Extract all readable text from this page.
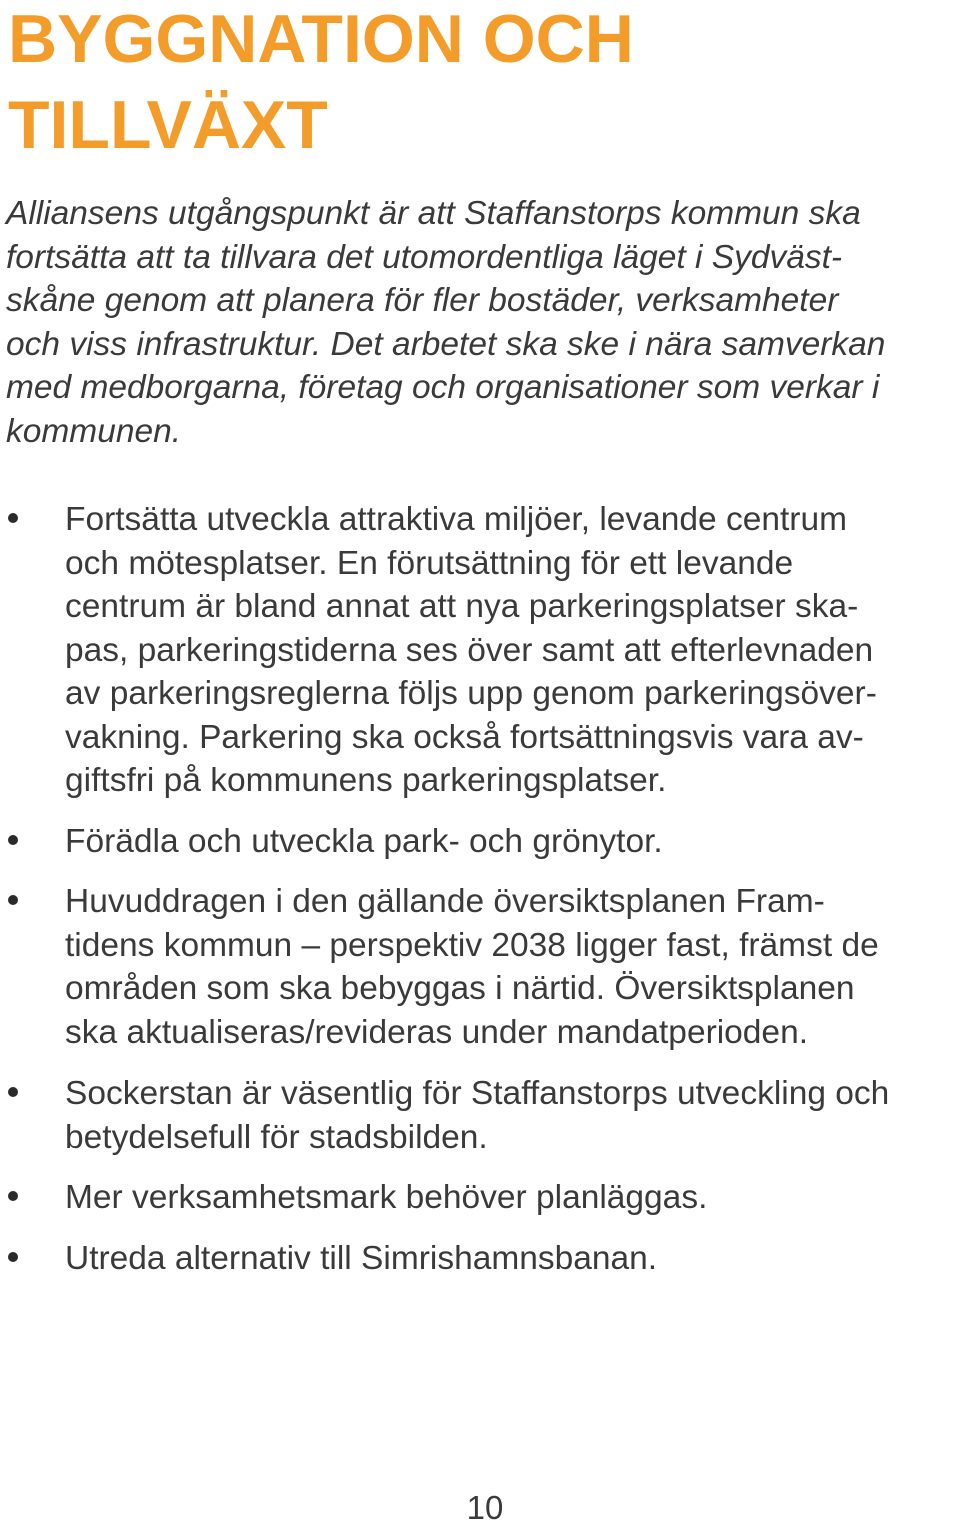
BYGGNATION OCH
TILLVÄXT

Alliansens utgångspunkt är att Staffanstorps kommun ska
fortsätta att ta tillvara det utomordentliga läget i Sydväst-
skåne genom att planera för fler bostäder, verksamheter
och viss infrastruktur. Det arbetet ska ske i nära samverkan
med medborgarna, företag och organisationer som verkar i
kommunen.

Fortsätta utveckla attraktiva miljöer, levande centrum
och mötesplatser. En förutsättning för ett levande
centrum är bland annat att nya parkeringsplatser ska-
pas, parkeringstiderna ses över samt att efterlevnaden
av parkeringsreglerna följs upp genom parkeringsöver-
vakning. Parkering ska också fortsättningsvis vara av-
giftsfri på kommunens parkeringsplatser.
Förädla och utveckla park- och grönytor.
Huvuddragen i den gällande översiktsplanen Fram-
tidens kommun – perspektiv 2038 ligger fast, främst de
områden som ska bebyggas i närtid. Översiktsplanen
ska aktualiseras/revideras under mandatperioden.
Sockerstan är väsentlig för Staffanstorps utveckling och
betydelsefull för stadsbilden.
Mer verksamhetsmark behöver planläggas.
Utreda alternativ till Simrishamnsbanan.
10
